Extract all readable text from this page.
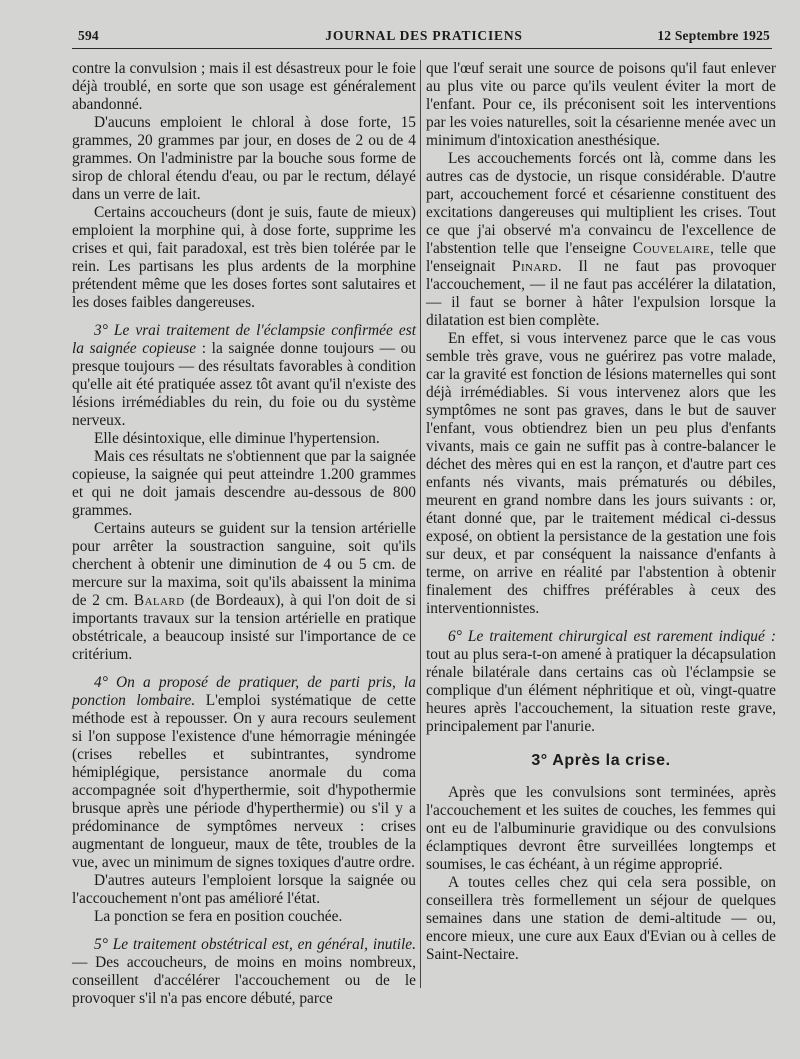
594	JOURNAL DES PRATICIENS	12 Septembre 1925

contre la convulsion ; mais il est désastreux pour le foie déjà troublé, en sorte que son usage est généralement abandonné.

D'aucuns emploient le chloral à dose forte, 15 grammes, 20 grammes par jour, en doses de 2 ou de 4 grammes. On l'administre par la bouche sous forme de sirop de chloral étendu d'eau, ou par le rectum, délayé dans un verre de lait.

Certains accoucheurs (dont je suis, faute de mieux) emploient la morphine qui, à dose forte, supprime les crises et qui, fait paradoxal, est très bien tolérée par le rein. Les partisans les plus ardents de la morphine prétendent même que les doses fortes sont salutaires et les doses faibles dangereuses.

3° Le vrai traitement de l'éclampsie confirmée est la saignée copieuse : la saignée donne toujours — ou presque toujours — des résultats favorables à condition qu'elle ait été pratiquée assez tôt avant qu'il n'existe des lésions irrémédiables du rein, du foie ou du système nerveux.

Elle désintoxique, elle diminue l'hypertension.

Mais ces résultats ne s'obtiennent que par la saignée copieuse, la saignée qui peut atteindre 1.200 grammes et qui ne doit jamais descendre au-dessous de 800 grammes.

Certains auteurs se guident sur la tension artérielle pour arrêter la soustraction sanguine, soit qu'ils cherchent à obtenir une diminution de 4 ou 5 cm. de mercure sur la maxima, soit qu'ils abaissent la minima de 2 cm. Balard (de Bordeaux), à qui l'on doit de si importants travaux sur la tension artérielle en pratique obstétricale, a beaucoup insisté sur l'importance de ce critérium.

4° On a proposé de pratiquer, de parti pris, la ponction lombaire. L'emploi systématique de cette méthode est à repousser. On y aura recours seulement si l'on suppose l'existence d'une hémorragie méningée (crises rebelles et subintrantes, syndrome hémiplégique, persistance anormale du coma accompagnée soit d'hyperthermie, soit d'hypothermie brusque après une période d'hyperthermie) ou s'il y a prédominance de symptômes nerveux : crises augmentant de longueur, maux de tête, troubles de la vue, avec un minimum de signes toxiques d'autre ordre.

D'autres auteurs l'emploient lorsque la saignée ou l'accouchement n'ont pas amélioré l'état.

La ponction se fera en position couchée.

5° Le traitement obstétrical est, en général, inutile. — Des accoucheurs, de moins en moins nombreux, conseillent d'accélérer l'accouchement ou de le provoquer s'il n'a pas encore débuté, parce

que l'œuf serait une source de poisons qu'il faut enlever au plus vite ou parce qu'ils veulent éviter la mort de l'enfant. Pour ce, ils préconisent soit les interventions par les voies naturelles, soit la césarienne menée avec un minimum d'intoxication anesthésique.

Les accouchements forcés ont là, comme dans les autres cas de dystocie, un risque considérable. D'autre part, accouchement forcé et césarienne constituent des excitations dangereuses qui multiplient les crises. Tout ce que j'ai observé m'a convaincu de l'excellence de l'abstention telle que l'enseigne Couvelaire, telle que l'enseignait Pinard. Il ne faut pas provoquer l'accouchement, — il ne faut pas accélérer la dilatation, — il faut se borner à hâter l'expulsion lorsque la dilatation est bien complète.

En effet, si vous intervenez parce que le cas vous semble très grave, vous ne guérirez pas votre malade, car la gravité est fonction de lésions maternelles qui sont déjà irrémédiables. Si vous intervenez alors que les symptômes ne sont pas graves, dans le but de sauver l'enfant, vous obtiendrez bien un peu plus d'enfants vivants, mais ce gain ne suffit pas à contre-balancer le déchet des mères qui en est la rançon, et d'autre part ces enfants nés vivants, mais prématurés ou débiles, meurent en grand nombre dans les jours suivants : or, étant donné que, par le traitement médical ci-dessus exposé, on obtient la persistance de la gestation une fois sur deux, et par conséquent la naissance d'enfants à terme, on arrive en réalité par l'abstention à obtenir finalement des chiffres préférables à ceux des interventionnistes.

6° Le traitement chirurgical est rarement indiqué : tout au plus sera-t-on amené à pratiquer la décapsulation rénale bilatérale dans certains cas où l'éclampsie se complique d'un élément néphritique et où, vingt-quatre heures après l'accouchement, la situation reste grave, principalement par l'anurie.

3° Après la crise.

Après que les convulsions sont terminées, après l'accouchement et les suites de couches, les femmes qui ont eu de l'albuminurie gravidique ou des convulsions éclamptiques devront être surveillées longtemps et soumises, le cas échéant, à un régime approprié.

A toutes celles chez qui cela sera possible, on conseillera très formellement un séjour de quelques semaines dans une station de demi-altitude — ou, encore mieux, une cure aux Eaux d'Evian ou à celles de Saint-Nectaire.
